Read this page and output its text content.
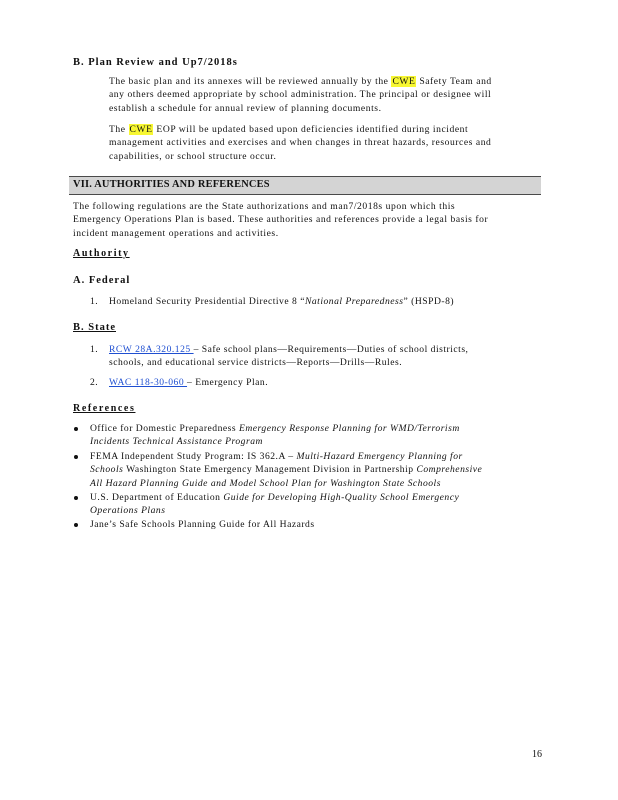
B. Plan Review and Up7/2018s
The basic plan and its annexes will be reviewed annually by the CWE Safety Team and
any others deemed appropriate by school administration. The principal or designee will
establish a schedule for annual review of planning documents.
The CWE EOP will be updated based upon deficiencies identified during incident
management activities and exercises and when changes in threat hazards, resources and
capabilities, or school structure occur.
VII. AUTHORITIES AND REFERENCES
The following regulations are the State authorizations and man7/2018s upon which this
Emergency Operations Plan is based. These authorities and references provide a legal basis for
incident management operations and activities.
Authority
A. Federal
1. Homeland Security Presidential Directive 8 “National Preparedness” (HSPD-8)
B. State
1. RCW 28A.320.125 – Safe school plans—Requirements—Duties of school districts,
schools, and educational service districts—Reports—Drills—Rules.
2. WAC 118-30-060 – Emergency Plan.
References
Office for Domestic Preparedness Emergency Response Planning for WMD/Terrorism
Incidents Technical Assistance Program
FEMA Independent Study Program: IS 362.A – Multi-Hazard Emergency Planning for
Schools Washington State Emergency Management Division in Partnership Comprehensive
All Hazard Planning Guide and Model School Plan for Washington State Schools
U.S. Department of Education Guide for Developing High-Quality School Emergency
Operations Plans
Jane’s Safe Schools Planning Guide for All Hazards
16
